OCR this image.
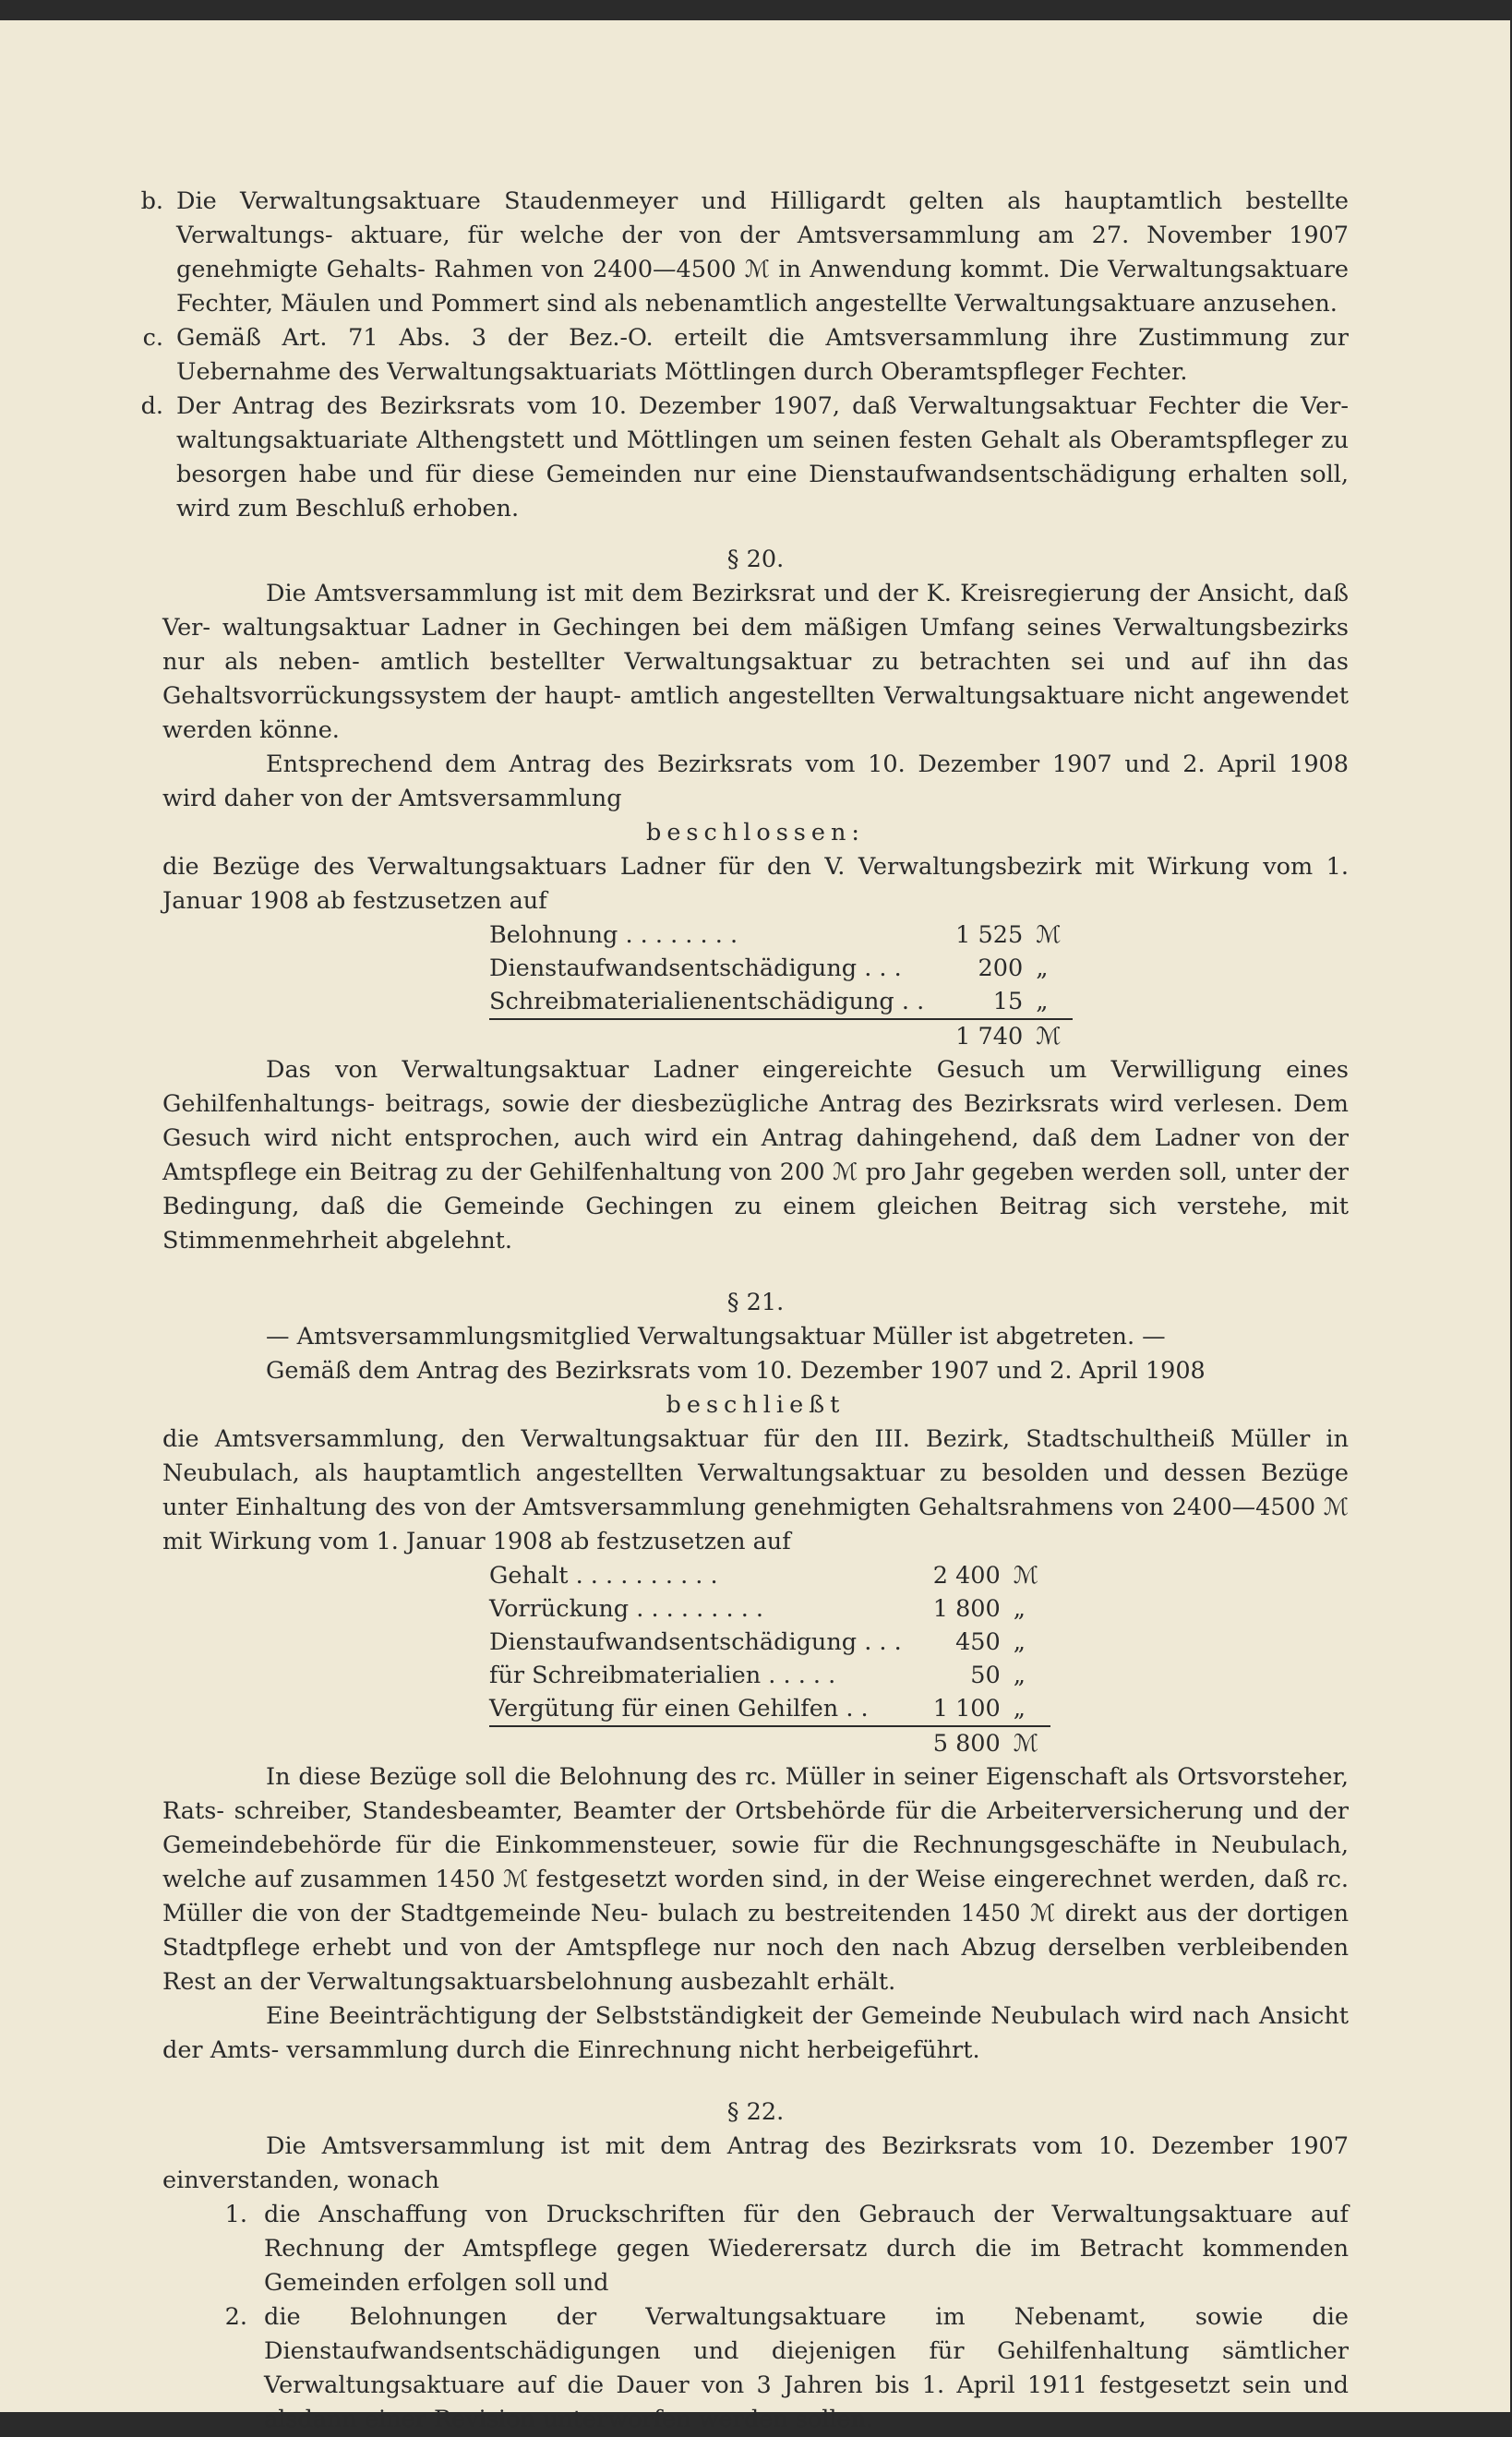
b. Die Verwaltungsaktuare Staudenmeyer und Hilligardt gelten als hauptamtlich bestellte Verwaltungs- aktuare, für welche der von der Amtsversammlung am 27. November 1907 genehmigte Gehalts- Rahmen von 2400—4500 ℳ in Anwendung kommt. Die Verwaltungsaktuare Fechter, Mäulen und Pommert sind als nebenamtlich angestellte Verwaltungsaktuare anzusehen.

c. Gemäß Art. 71 Abs. 3 der Bez.-O. erteilt die Amtsversammlung ihre Zustimmung zur Uebernahme des Verwaltungsaktuariats Möttlingen durch Oberamtspfleger Fechter.

d. Der Antrag des Bezirksrats vom 10. Dezember 1907, daß Verwaltungsaktuar Fechter die Ver- waltungsaktuariate Althengstett und Möttlingen um seinen festen Gehalt als Oberamtspfleger zu besorgen habe und für diese Gemeinden nur eine Dienstaufwandsentschädigung erhalten soll, wird zum Beschluß erhoben.

§ 20.

Die Amtsversammlung ist mit dem Bezirksrat und der K. Kreisregierung der Ansicht, daß Ver- waltungsaktuar Ladner in Gechingen bei dem mäßigen Umfang seines Verwaltungsbezirks nur als neben- amtlich bestellter Verwaltungsaktuar zu betrachten sei und auf ihn das Gehaltsvorrückungssystem der haupt- amtlich angestellten Verwaltungsaktuare nicht angewendet werden könne.

Entsprechend dem Antrag des Bezirksrats vom 10. Dezember 1907 und 2. April 1908 wird daher von der Amtsversammlung

beschlossen:

die Bezüge des Verwaltungsaktuars Ladner für den V. Verwaltungsbezirk mit Wirkung vom 1. Januar 1908 ab festzusetzen auf

Belohnung . . . . . . . .	1 525	ℳ
Dienstaufwandsentschädigung . . .	200	„
Schreibmaterialienentschädigung . .	15	„
	1 740	ℳ

Das von Verwaltungsaktuar Ladner eingereichte Gesuch um Verwilligung eines Gehilfenhaltungs- beitrags, sowie der diesbezügliche Antrag des Bezirksrats wird verlesen. Dem Gesuch wird nicht entsprochen, auch wird ein Antrag dahingehend, daß dem Ladner von der Amtspflege ein Beitrag zu der Gehilfenhaltung von 200 ℳ pro Jahr gegeben werden soll, unter der Bedingung, daß die Gemeinde Gechingen zu einem gleichen Beitrag sich verstehe, mit Stimmenmehrheit abgelehnt.

§ 21.

— Amtsversammlungsmitglied Verwaltungsaktuar Müller ist abgetreten. —

Gemäß dem Antrag des Bezirksrats vom 10. Dezember 1907 und 2. April 1908

beschließt

die Amtsversammlung, den Verwaltungsaktuar für den III. Bezirk, Stadtschultheiß Müller in Neubulach, als hauptamtlich angestellten Verwaltungsaktuar zu besolden und dessen Bezüge unter Einhaltung des von der Amtsversammlung genehmigten Gehaltsrahmens von 2400—4500 ℳ mit Wirkung vom 1. Januar 1908 ab festzusetzen auf

Gehalt . . . . . . . . . .	2 400	ℳ
Vorrückung . . . . . . . . .	1 800	„
Dienstaufwandsentschädigung . . .	450	„
für Schreibmaterialien . . . . .	50	„
Vergütung für einen Gehilfen . .	1 100	„
	5 800	ℳ

In diese Bezüge soll die Belohnung des rc. Müller in seiner Eigenschaft als Ortsvorsteher, Rats- schreiber, Standesbeamter, Beamter der Ortsbehörde für die Arbeiterversicherung und der Gemeindebehörde für die Einkommensteuer, sowie für die Rechnungsgeschäfte in Neubulach, welche auf zusammen 1450 ℳ festgesetzt worden sind, in der Weise eingerechnet werden, daß rc. Müller die von der Stadtgemeinde Neu- bulach zu bestreitenden 1450 ℳ direkt aus der dortigen Stadtpflege erhebt und von der Amtspflege nur noch den nach Abzug derselben verbleibenden Rest an der Verwaltungsaktuarsbelohnung ausbezahlt erhält.

Eine Beeinträchtigung der Selbstständigkeit der Gemeinde Neubulach wird nach Ansicht der Amts- versammlung durch die Einrechnung nicht herbeigeführt.

§ 22.

Die Amtsversammlung ist mit dem Antrag des Bezirksrats vom 10. Dezember 1907 einverstanden, wonach

1. die Anschaffung von Druckschriften für den Gebrauch der Verwaltungsaktuare auf Rechnung der Amtspflege gegen Wiederersatz durch die im Betracht kommenden Gemeinden erfolgen soll und

2. die Belohnungen der Verwaltungsaktuare im Nebenamt, sowie die Dienstaufwandsentschädigungen und diejenigen für Gehilfenhaltung sämtlicher Verwaltungsaktuare auf die Dauer von 3 Jahren bis 1. April 1911 festgesetzt sein und alsdann einer Revision unterworfen werden sollen.
